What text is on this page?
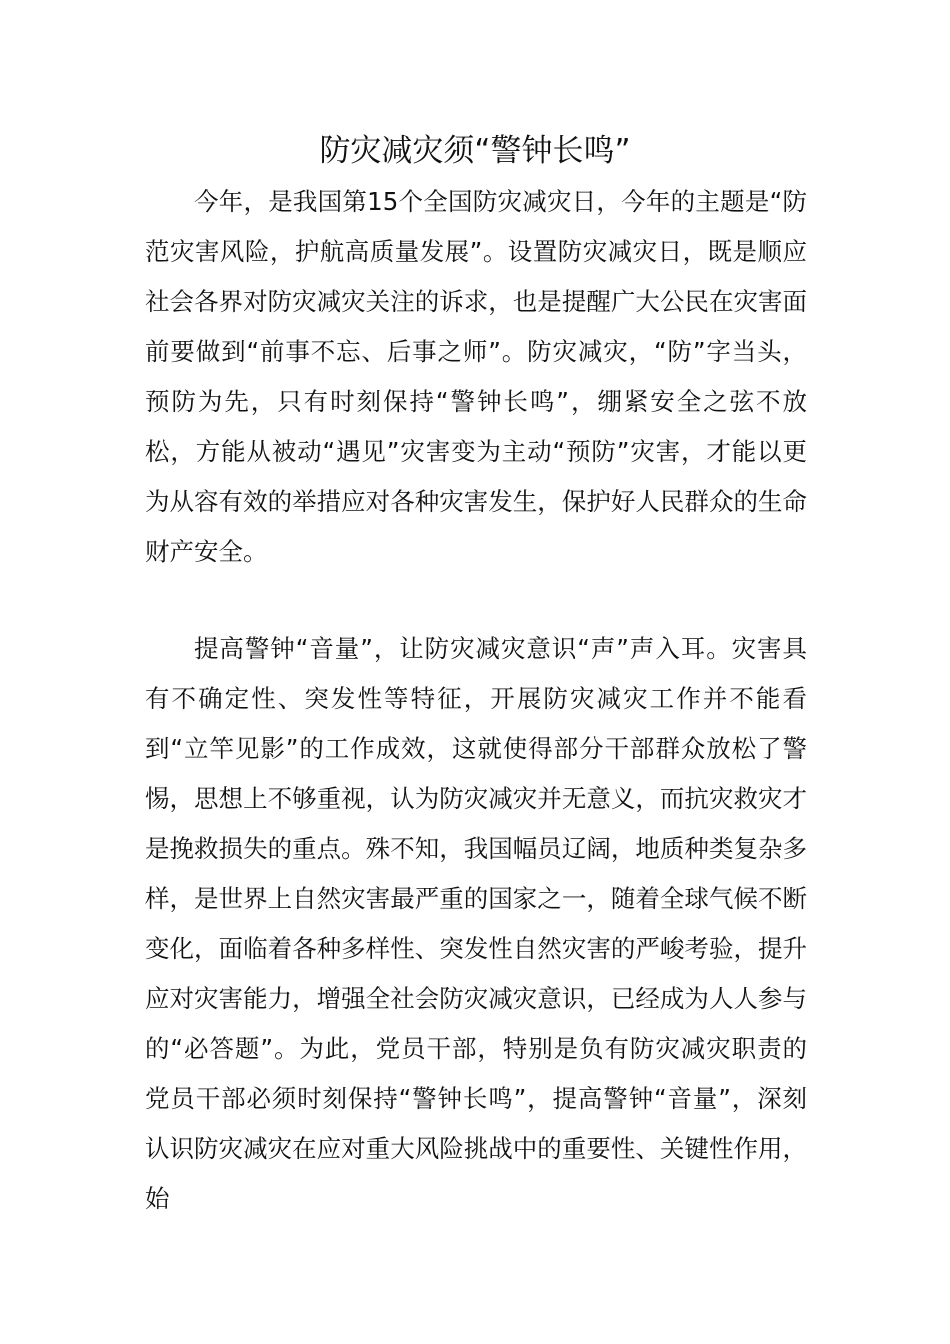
防灾减灾须“警钟长鸣”

今年，是我国第15个全国防灾减灾日，今年的主题是“防范灾害风险，护航高质量发展”。设置防灾减灾日，既是顺应社会各界对防灾减灾关注的诉求，也是提醒广大公民在灾害面前要做到“前事不忘、后事之师”。防灾减灾，“防”字当头，预防为先，只有时刻保持“警钟长鸣”，绷紧安全之弦不放松，方能从被动“遇见”灾害变为主动“预防”灾害，才能以更为从容有效的举措应对各种灾害发生，保护好人民群众的生命财产安全。

提高警钟“音量”，让防灾减灾意识“声”声入耳。灾害具有不确定性、突发性等特征，开展防灾减灾工作并不能看到“立竿见影”的工作成效，这就使得部分干部群众放松了警惕，思想上不够重视，认为防灾减灾并无意义，而抗灾救灾才是挽救损失的重点。殊不知，我国幅员辽阔，地质种类复杂多样，是世界上自然灾害最严重的国家之一，随着全球气候不断变化，面临着各种多样性、突发性自然灾害的严峻考验，提升应对灾害能力，增强全社会防灾减灾意识，已经成为人人参与的“必答题”。为此，党员干部，特别是负有防灾减灾职责的党员干部必须时刻保持“警钟长鸣”，提高警钟“音量”，深刻认识防灾减灾在应对重大风险挑战中的重要性、关键性作用，始
